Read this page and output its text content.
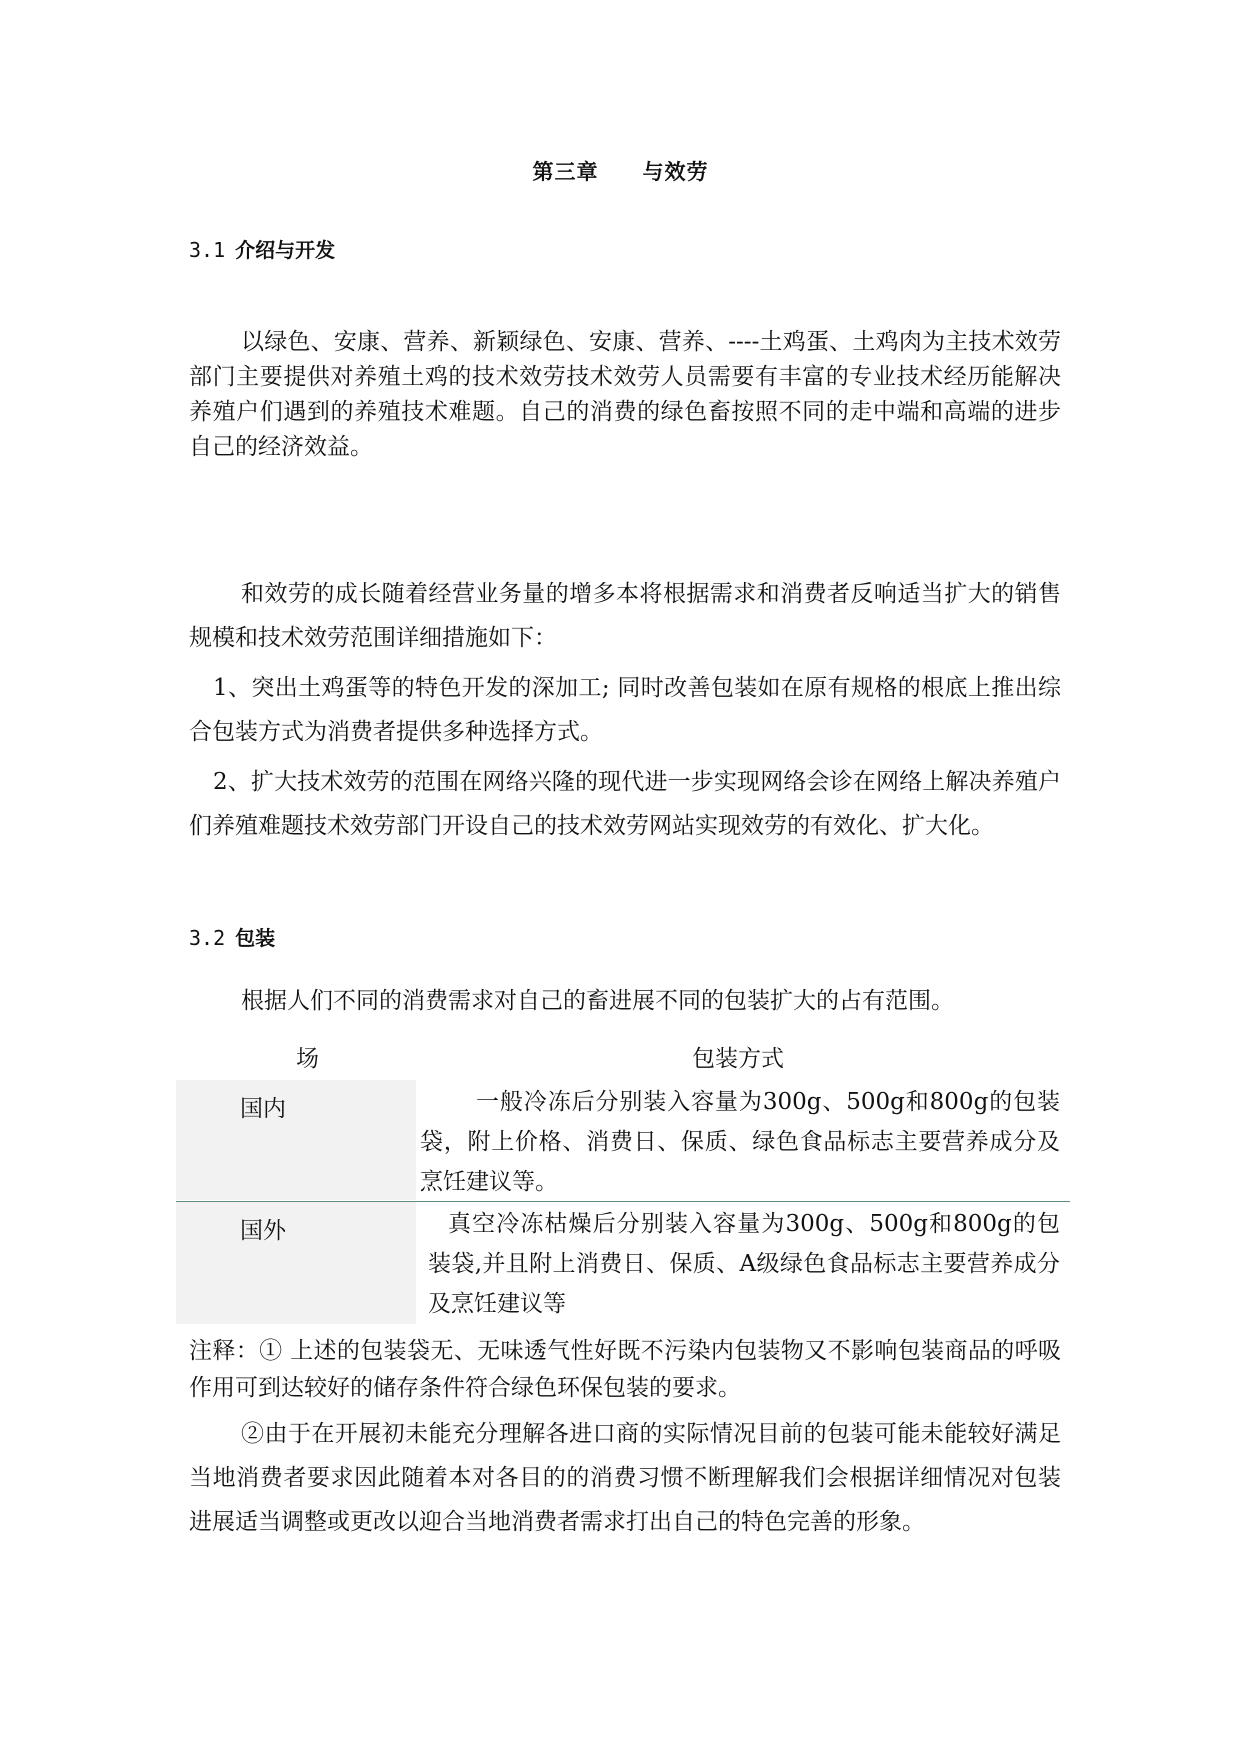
第三章 与效劳
3.1 介绍与开发

以绿色、安康、营养、新颖绿色、安康、营养、----土鸡蛋、土鸡肉为主技术效劳部门主要提供对养殖土鸡的技术效劳技术效劳人员需要有丰富的专业技术经历能解决养殖户们遇到的养殖技术难题。自己的消费的绿色畜按照不同的走中端和高端的进步自己的经济效益。

和效劳的成长随着经营业务量的增多本将根据需求和消费者反响适当扩大的销售规模和技术效劳范围详细措施如下：

1、突出土鸡蛋等的特色开发的深加工; 同时改善包装如在原有规格的根底上推出综合包装方式为消费者提供多种选择方式。

2、扩大技术效劳的范围在网络兴隆的现代进一步实现网络会诊在网络上解决养殖户们养殖难题技术效劳部门开设自己的技术效劳网站实现效劳的有效化、扩大化。

3.2 包装

根据人们不同的消费需求对自己的畜进展不同的包装扩大的占有范围。

场	包装方式
国内	一般冷冻后分别装入容量为300g、500g和800g的包装袋，附上价格、消费日、保质、绿色食品标志主要营养成分及烹饪建议等。

国外	真空冷冻枯燥后分别装入容量为300g、500g和800g的包装袋,并且附上消费日、保质、A级绿色食品标志主要营养成分及烹饪建议等

注释：① 上述的包装袋无、无味透气性好既不污染内包装物又不影响包装商品的呼吸作用可到达较好的储存条件符合绿色环保包装的要求。

②由于在开展初未能充分理解各进口商的实际情况目前的包装可能未能较好满足当地消费者要求因此随着本对各目的的消费习惯不断理解我们会根据详细情况对包装进展适当调整或更改以迎合当地消费者需求打出自己的特色完善的形象。
